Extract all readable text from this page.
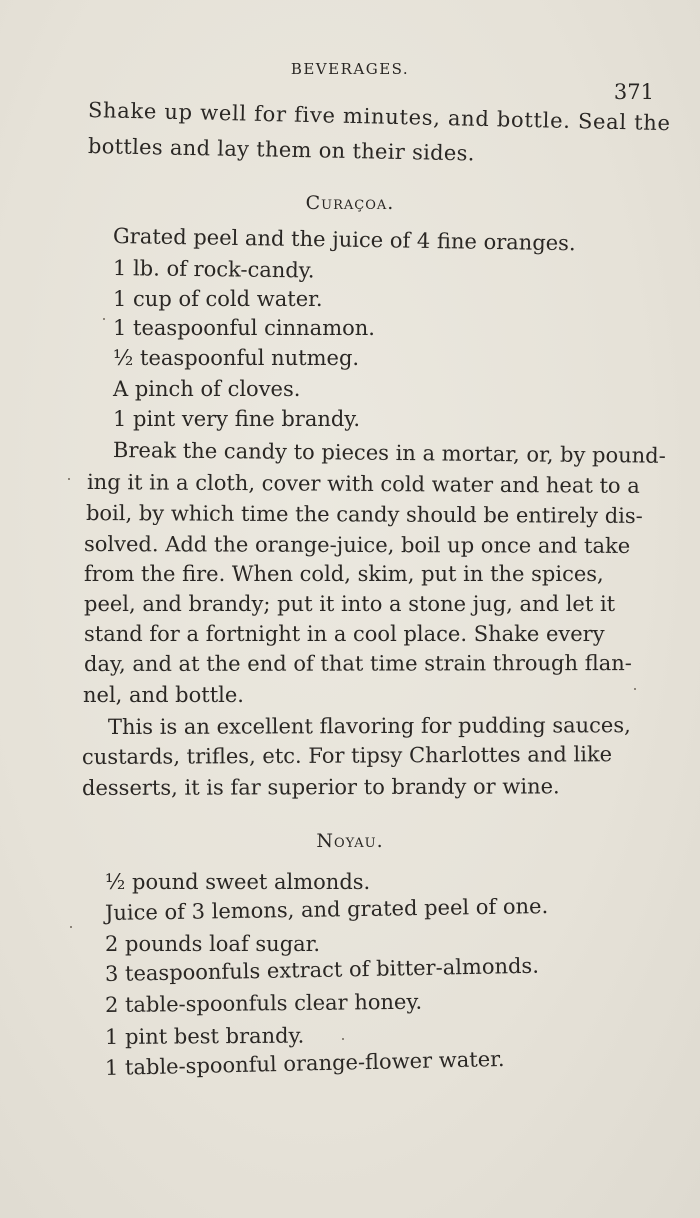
BEVERAGES.
371
Shake up well for five minutes, and bottle. Seal the
bottles and lay them on their sides.
Curaçoa.
Grated peel and the juice of 4 fine oranges.
1 lb. of rock-candy.
1 cup of cold water.
1 teaspoonful cinnamon.
½ teaspoonful nutmeg.
A pinch of cloves.
1 pint very fine brandy.
Break the candy to pieces in a mortar, or, by pound-
ing it in a cloth, cover with cold water and heat to a
boil, by which time the candy should be entirely dis-
solved. Add the orange-juice, boil up once and take
from the fire. When cold, skim, put in the spices,
peel, and brandy; put it into a stone jug, and let it
stand for a fortnight in a cool place. Shake every
day, and at the end of that time strain through flan-
nel, and bottle.
This is an excellent flavoring for pudding sauces,
custards, trifles, etc. For tipsy Charlottes and like
desserts, it is far superior to brandy or wine.
Noyau.
½ pound sweet almonds.
Juice of 3 lemons, and grated peel of one.
2 pounds loaf sugar.
3 teaspoonfuls extract of bitter-almonds.
2 table-spoonfuls clear honey.
1 pint best brandy.
1 table-spoonful orange-flower water.
